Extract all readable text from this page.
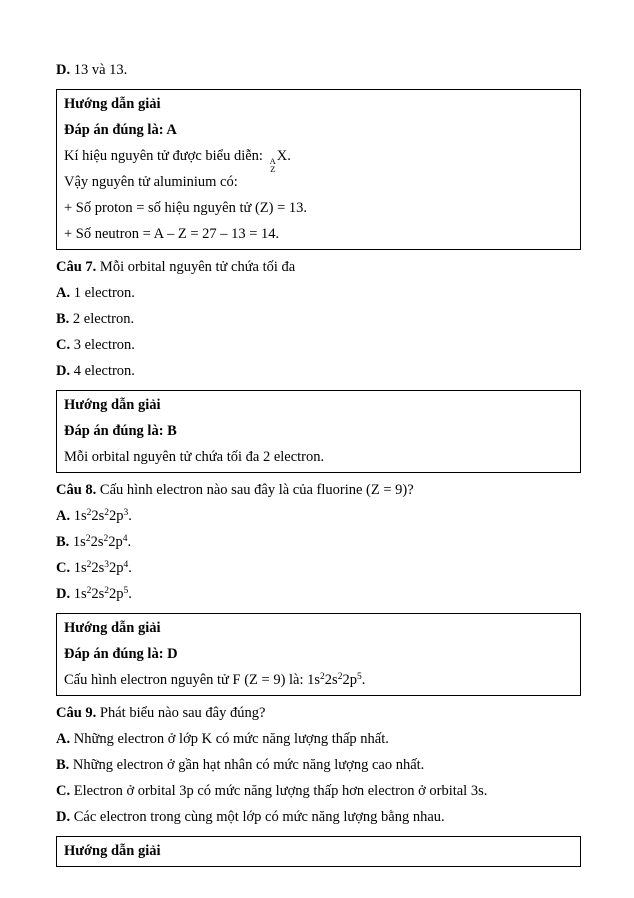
D. 13 và 13.

Hướng dẫn giải

Đáp án đúng là: A

Kí hiệu nguyên tử được biểu diễn: A
Z
X.

Vậy nguyên tử aluminium có:

+ Số proton = số hiệu nguyên tử (Z) = 13.

+ Số neutron = A – Z = 27 – 13 = 14.

Câu 7. Mỗi orbital nguyên tử chứa tối đa

A. 1 electron.

B. 2 electron.

C. 3 electron.

D. 4 electron.

Hướng dẫn giải

Đáp án đúng là: B

Mỗi orbital nguyên tử chứa tối đa 2 electron.

Câu 8. Cấu hình electron nào sau đây là của fluorine (Z = 9)?

A. $1s^22s^22p^3$.

B. $1s^22s^22p^4$.

C. $1s^22s^32p^4$.

D. $1s^22s^22p^5$.

Hướng dẫn giải

Đáp án đúng là: D

Cấu hình electron nguyên tử F (Z = 9) là: $1s^22s^22p^5$.

Câu 9. Phát biểu nào sau đây đúng?

A. Những electron ở lớp K có mức năng lượng thấp nhất.

B. Những electron ở gần hạt nhân có mức năng lượng cao nhất.

C. Electron ở orbital 3p có mức năng lượng thấp hơn electron ở orbital 3s.

D. Các electron trong cùng một lớp có mức năng lượng bằng nhau.

Hướng dẫn giải
